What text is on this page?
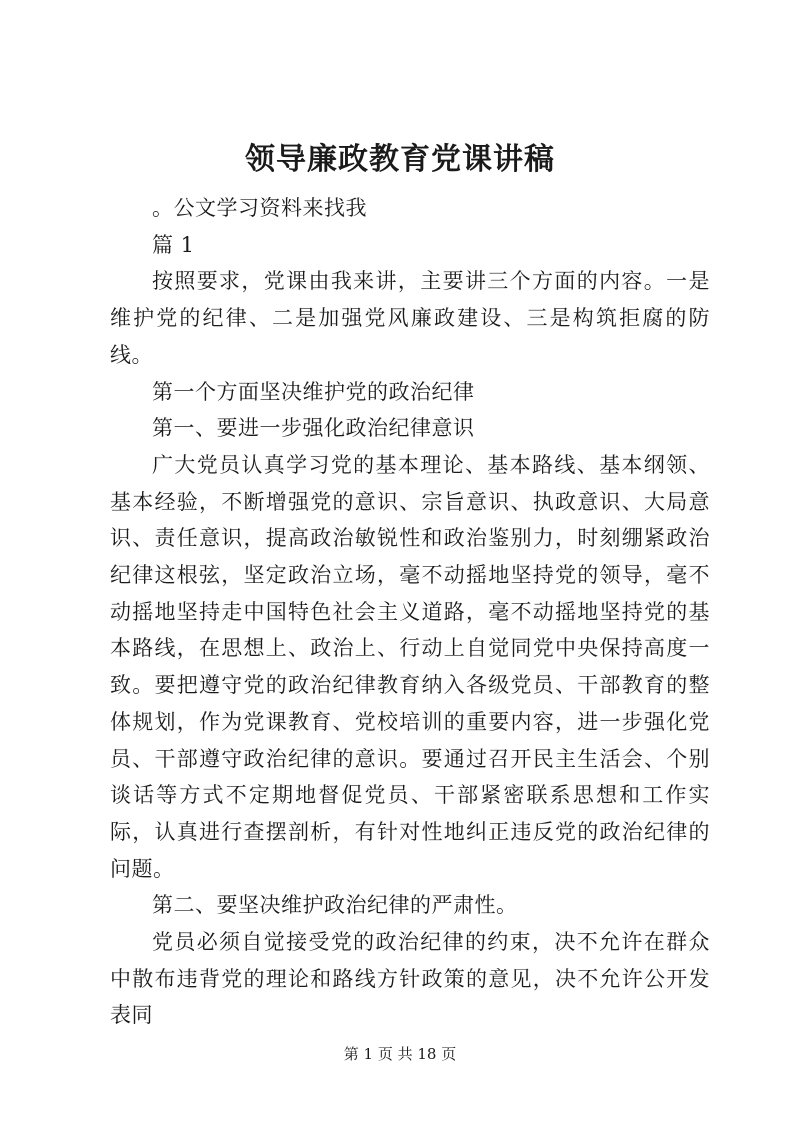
领导廉政教育党课讲稿

。公文学习资料来找我

篇 1

按照要求，党课由我来讲，主要讲三个方面的内容。一是维护党的纪律、二是加强党风廉政建设、三是构筑拒腐的防线。

第一个方面坚决维护党的政治纪律

第一、要进一步强化政治纪律意识

广大党员认真学习党的基本理论、基本路线、基本纲领、基本经验，不断增强党的意识、宗旨意识、执政意识、大局意识、责任意识，提高政治敏锐性和政治鉴别力，时刻绷紧政治纪律这根弦，坚定政治立场，毫不动摇地坚持党的领导，毫不动摇地坚持走中国特色社会主义道路，毫不动摇地坚持党的基本路线，在思想上、政治上、行动上自觉同党中央保持高度一致。要把遵守党的政治纪律教育纳入各级党员、干部教育的整体规划，作为党课教育、党校培训的重要内容，进一步强化党员、干部遵守政治纪律的意识。要通过召开民主生活会、个别谈话等方式不定期地督促党员、干部紧密联系思想和工作实际，认真进行查摆剖析，有针对性地纠正违反党的政治纪律的问题。

第二、要坚决维护政治纪律的严肃性。

党员必须自觉接受党的政治纪律的约束，决不允许在群众中散布违背党的理论和路线方针政策的意见，决不允许公开发表同

第 1 页 共 18 页
